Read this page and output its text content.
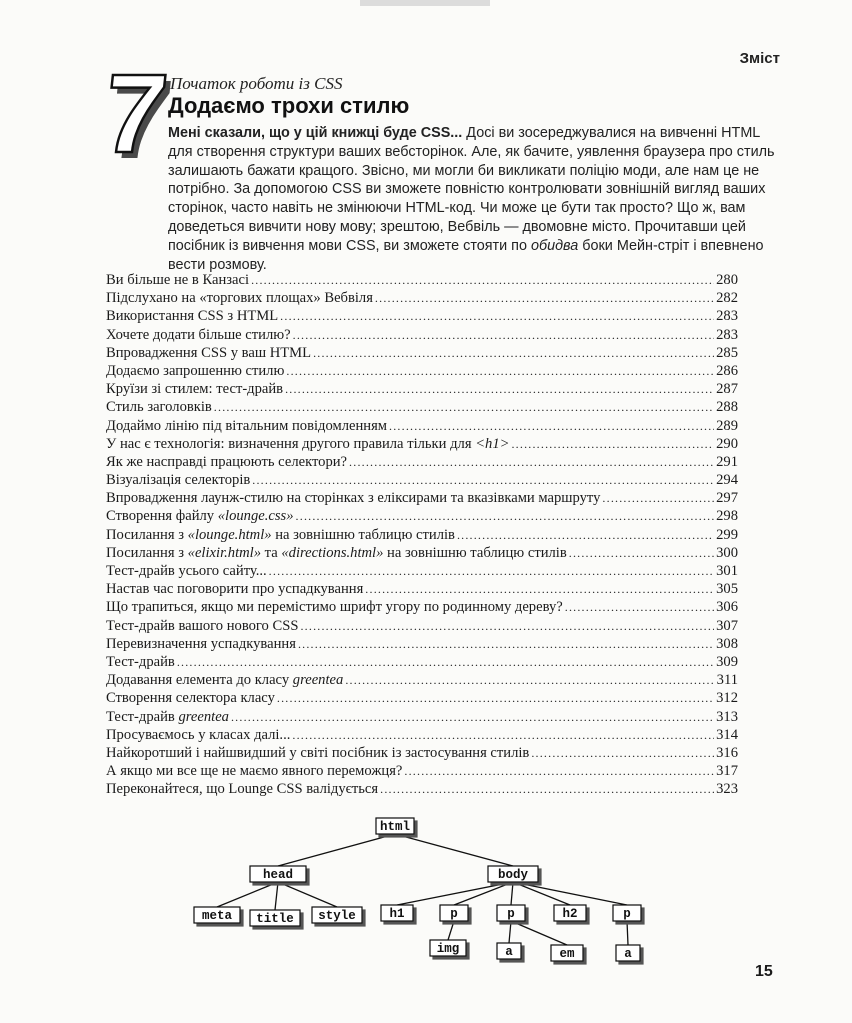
Зміст
7
Початок роботи із CSS
Додаємо трохи стилю
Мені сказали, що у цій книжці буде CSS... Досі ви зосереджувалися на вивченні HTML для створення структури ваших вебсторінок. Алe, як бачите, уявлення браузера про стиль залишають бажати кращого. Звісно, ми могли би викликати поліцію моди, але нам це не потрібно. За допомогою CSS ви зможете повністю контролювати зовнішній вигляд ваших сторінок, часто навіть не змінюючи HTML-код. Чи може це бути так просто? Що ж, вам доведеться вивчити нову мову; зрештою, Вебвіль — двомовне місто. Прочитавши цей посібник із вивчення мови CSS, ви зможете стояти по обидва боки Мейн-стріт і впевнено вести розмову.
Ви більше не в Канзасі .....	280
Підслухано на «торгових площах» Вебвіля .....	282
Використання CSS з HTML .....	283
Хочете додати більше стилю? .....	283
Впровадження CSS у ваш HTML .....	285
Додаємо запрошенню стилю .....	286
Круїзи зі стилем: тест-драйв .....	287
Стиль заголовків .....	288
Додаймо лінію під вітальним повідомленням .....	289
У нас є технологія: визначення другого правила тільки для <h1> .....	290
Як же насправді працюють селектори? .....	291
Візуалізація селекторів .....	294
Впровадження лаунж-стилю на сторінках з еліксирами та вказівками маршруту .....	297
Створення файлу «lounge.css» .....	298
Посилання з «lounge.html» на зовнішню таблицю стилів .....	299
Посилання з «elixir.html» та «directions.html» на зовнішню таблицю стилів .....	300
Тест-драйв усього сайту... .....	301
Настав час поговорити про успадкування .....	305
Що трапиться, якщо ми перемістимо шрифт угору по родинному дереву? .....	306
Тест-драйв вашого нового CSS .....	307
Перевизначення успадкування .....	308
Тест-драйв .....	309
Додавання елемента до класу greentea .....	311
Створення селектора класу .....	312
Тест-драйв greentea .....	313
Просуваємось у класах далі... .....	314
Найкоротший і найшвидший у світі посібник із застосування стилів .....	316
А якщо ми все ще не маємо явного переможця? .....	317
Переконайтеся, що Lounge CSS валідується .....	323
html
head	body
meta title style	h1	p	p	h2	p
img	a	em	a
15
